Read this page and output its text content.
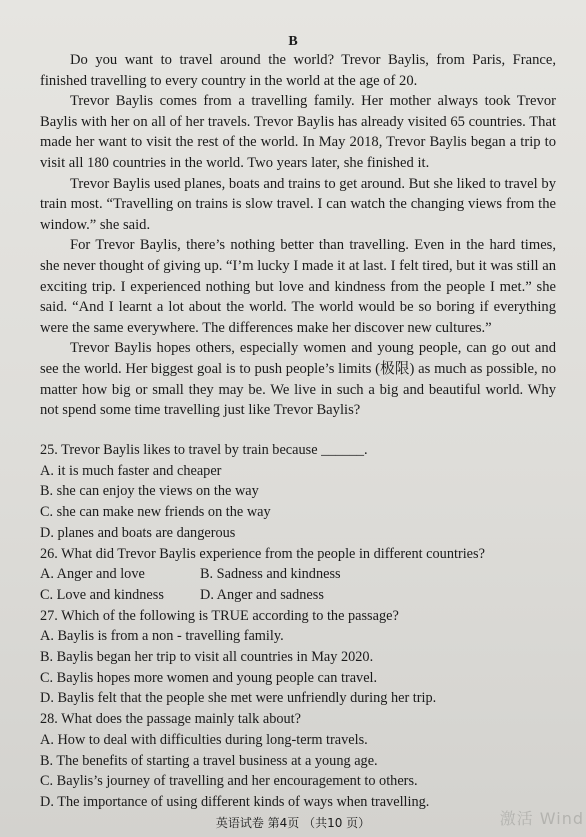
B

Do you want to travel around the world? Trevor Baylis, from Paris, France, finished travelling to every country in the world at the age of 20.

Trevor Baylis comes from a travelling family. Her mother always took Trevor Baylis with her on all of her travels. Trevor Baylis has already visited 65 countries. That made her want to visit the rest of the world. In May 2018, Trevor Baylis began a trip to visit all 180 countries in the world. Two years later, she finished it.

Trevor Baylis used planes, boats and trains to get around. But she liked to travel by train most. “Travelling on trains is slow travel. I can watch the changing views from the window.” she said.

For Trevor Baylis, there’s nothing better than travelling. Even in the hard times, she never thought of giving up. “I’m lucky I made it at last. I felt tired, but it was still an exciting trip. I experienced nothing but love and kindness from the people I met.” she said. “And I learnt a lot about the world. The world would be so boring if everything were the same everywhere. The differences make her discover new cultures.”

Trevor Baylis hopes others, especially women and young people, can go out and see the world. Her biggest goal is to push people’s limits (极限) as much as possible, no matter how big or small they may be. We live in such a big and beautiful world. Why not spend some time travelling just like Trevor Baylis?

25. Trevor Baylis likes to travel by train because ______.

A. it is much faster and cheaper

B. she can enjoy the views on the way

C. she can make new friends on the way

D. planes and boats are dangerous

26. What did Trevor Baylis experience from the people in different countries?

A. Anger and love	B. Sadness and kindness

C. Love and kindness	D. Anger and sadness

27. Which of the following is TRUE according to the passage?

A. Baylis is from a non - travelling family.

B. Baylis began her trip to visit all countries in May 2020.

C. Baylis hopes more women and young people can travel.

D. Baylis felt that the people she met were unfriendly during her trip.

28. What does the passage mainly talk about?

A. How to deal with difficulties during long-term travels.

B. The benefits of starting a travel business at a young age.

C. Baylis’s journey of travelling and her encouragement to others.

D. The importance of using different kinds of ways when travelling.

英语试卷 第4页 （共10 页）	激活 Wind
